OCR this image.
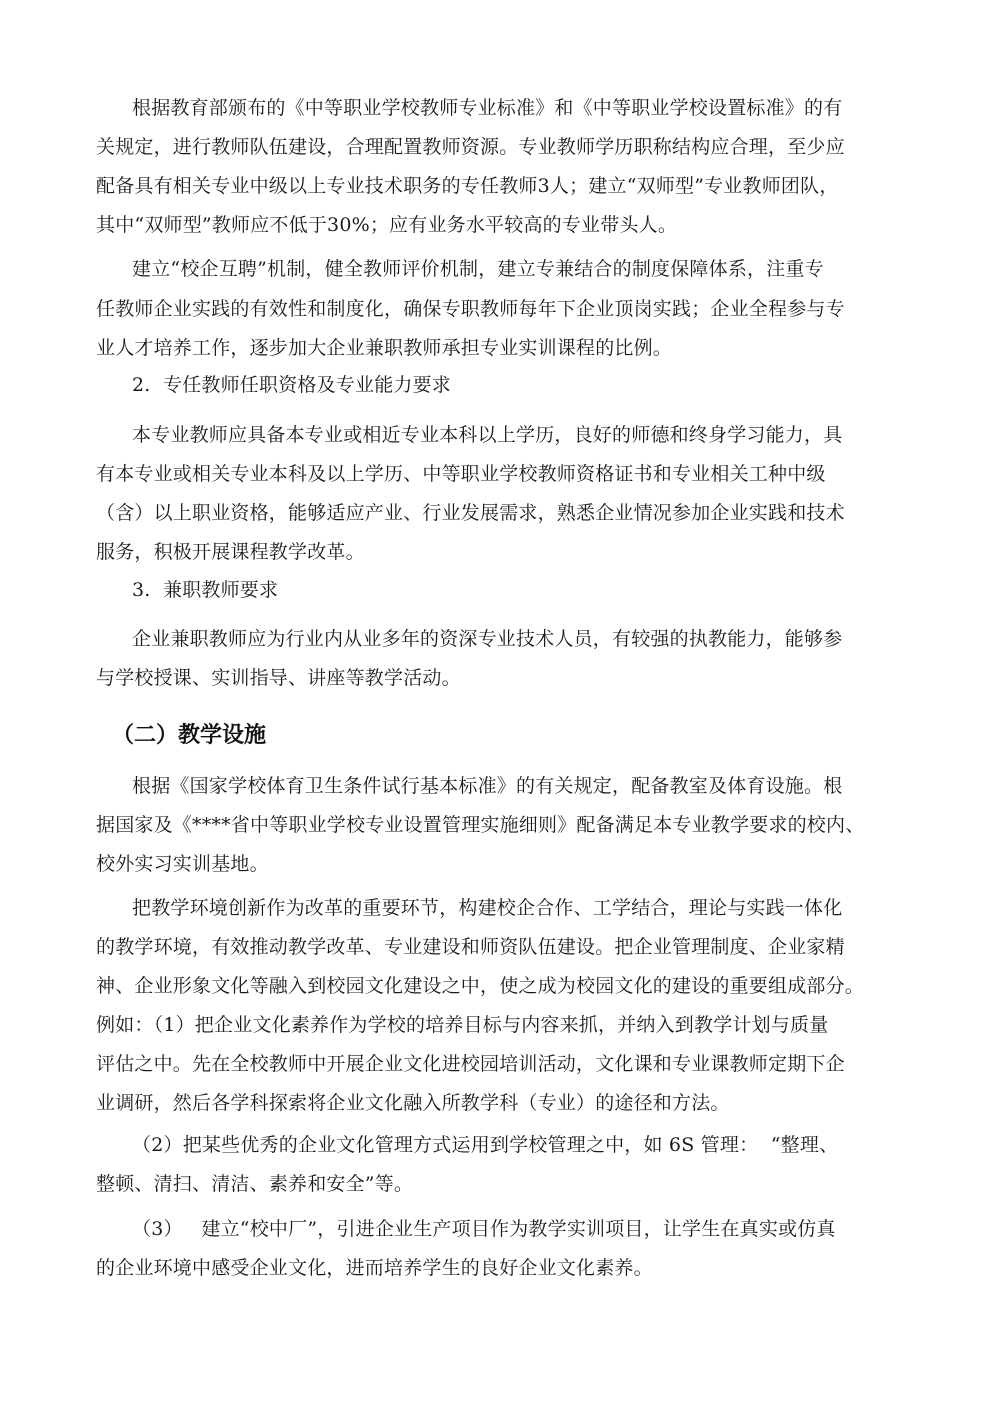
根据教育部颁布的《中等职业学校教师专业标准》和《中等职业学校设置标准》的有
关规定，进行教师队伍建设，合理配置教师资源。专业教师学历职称结构应合理，至少应
配备具有相关专业中级以上专业技术职务的专任教师3人；建立“双师型”专业教师团队，
其中“双师型”教师应不低于30%；应有业务水平较高的专业带头人。
建立“校企互聘”机制，健全教师评价机制，建立专兼结合的制度保障体系，注重专
任教师企业实践的有效性和制度化，确保专职教师每年下企业顶岗实践；企业全程参与专
业人才培养工作，逐步加大企业兼职教师承担专业实训课程的比例。
2.  专任教师任职资格及专业能力要求
本专业教师应具备本专业或相近专业本科以上学历，良好的师德和终身学习能力，具
有本专业或相关专业本科及以上学历、中等职业学校教师资格证书和专业相关工种中级
（含）以上职业资格，能够适应产业、行业发展需求，熟悉企业情况参加企业实践和技术
服务，积极开展课程教学改革。
3.  兼职教师要求
企业兼职教师应为行业内从业多年的资深专业技术人员，有较强的执教能力，能够参
与学校授课、实训指导、讲座等教学活动。
（二）教学设施
根据《国家学校体育卫生条件试行基本标准》的有关规定，配备教室及体育设施。根
据国家及《****省中等职业学校专业设置管理实施细则》配备满足本专业教学要求的校内、
校外实习实训基地。
把教学环境创新作为改革的重要环节，构建校企合作、工学结合，理论与实践一体化
的教学环境，有效推动教学改革、专业建设和师资队伍建设。把企业管理制度、企业家精
神、企业形象文化等融入到校园文化建设之中，使之成为校园文化的建设的重要组成部分。
例如：（1）把企业文化素养作为学校的培养目标与内容来抓，并纳入到教学计划与质量
评估之中。先在全校教师中开展企业文化进校园培训活动，文化课和专业课教师定期下企
业调研，然后各学科探索将企业文化融入所教学科（专业）的途径和方法。
（2）把某些优秀的企业文化管理方式运用到学校管理之中，如 6S 管理：  “整理、
整顿、清扫、清洁、素养和安全”等。
（3）   建立“校中厂”，引进企业生产项目作为教学实训项目，让学生在真实或仿真
的企业环境中感受企业文化，进而培养学生的良好企业文化素养。
